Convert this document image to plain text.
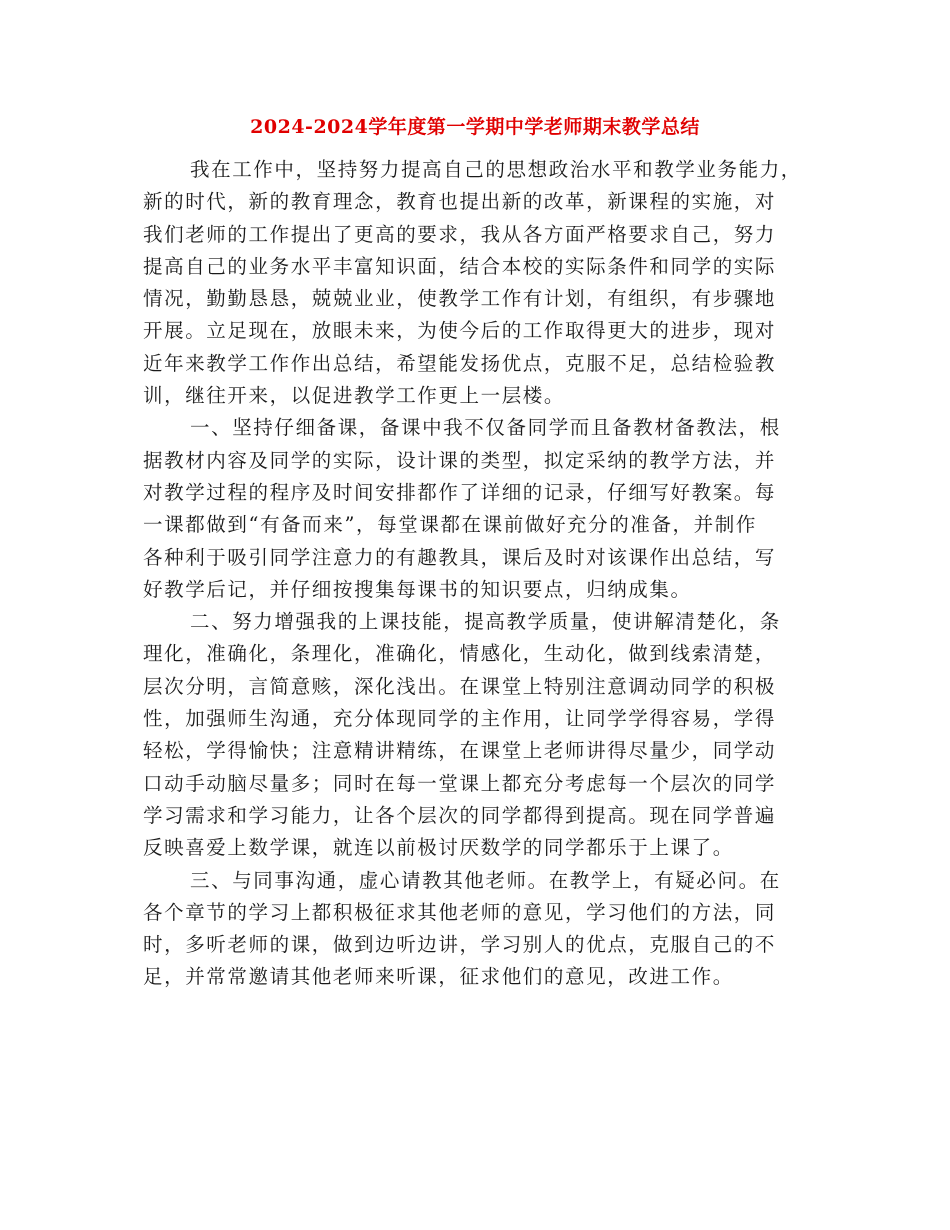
2024-2024学年度第一学期中学老师期末教学总结
我在工作中，坚持努力提高自己的思想政治水平和教学业务能力，
新的时代，新的教育理念，教育也提出新的改革，新课程的实施，对
我们老师的工作提出了更高的要求，我从各方面严格要求自己，努力
提高自己的业务水平丰富知识面，结合本校的实际条件和同学的实际
情况，勤勤恳恳，兢兢业业，使教学工作有计划，有组织，有步骤地
开展。立足现在，放眼未来，为使今后的工作取得更大的进步，现对
近年来教学工作作出总结，希望能发扬优点，克服不足，总结检验教
训，继往开来，以促进教学工作更上一层楼。
一、坚持仔细备课，备课中我不仅备同学而且备教材备教法，根
据教材内容及同学的实际，设计课的类型，拟定采纳的教学方法，并
对教学过程的程序及时间安排都作了详细的记录，仔细写好教案。每
一课都做到“有备而来”，每堂课都在课前做好充分的准备，并制作
各种利于吸引同学注意力的有趣教具，课后及时对该课作出总结，写
好教学后记，并仔细按搜集每课书的知识要点，归纳成集。
二、努力增强我的上课技能，提高教学质量，使讲解清楚化，条
理化，准确化，条理化，准确化，情感化，生动化，做到线索清楚，
层次分明，言简意赅，深化浅出。在课堂上特别注意调动同学的积极
性，加强师生沟通，充分体现同学的主作用，让同学学得容易，学得
轻松，学得愉快；注意精讲精练，在课堂上老师讲得尽量少，同学动
口动手动脑尽量多；同时在每一堂课上都充分考虑每一个层次的同学
学习需求和学习能力，让各个层次的同学都得到提高。现在同学普遍
反映喜爱上数学课，就连以前极讨厌数学的同学都乐于上课了。
三、与同事沟通，虚心请教其他老师。在教学上，有疑必问。在
各个章节的学习上都积极征求其他老师的意见，学习他们的方法，同
时，多听老师的课，做到边听边讲，学习别人的优点，克服自己的不
足，并常常邀请其他老师来听课，征求他们的意见，改进工作。
